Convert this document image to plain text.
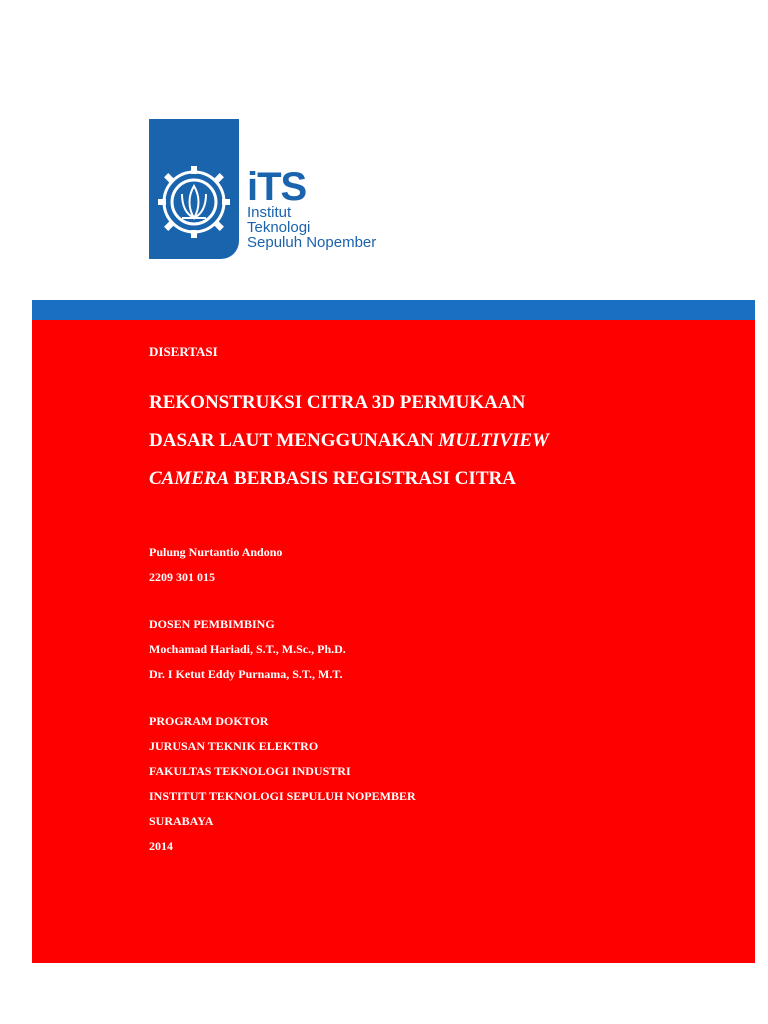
iTS
Institut
Teknologi
Sepuluh Nopember

DISERTASI

REKONSTRUKSI CITRA 3D PERMUKAAN
DASAR LAUT MENGGUNAKAN MULTIVIEW
CAMERA BERBASIS REGISTRASI CITRA

Pulung Nurtantio Andono

2209 301 015

DOSEN PEMBIMBING

Mochamad Hariadi, S.T., M.Sc., Ph.D.

Dr. I Ketut Eddy Purnama, S.T., M.T.

PROGRAM DOKTOR

JURUSAN TEKNIK ELEKTRO

FAKULTAS TEKNOLOGI INDUSTRI

INSTITUT TEKNOLOGI SEPULUH NOPEMBER

SURABAYA

2014
